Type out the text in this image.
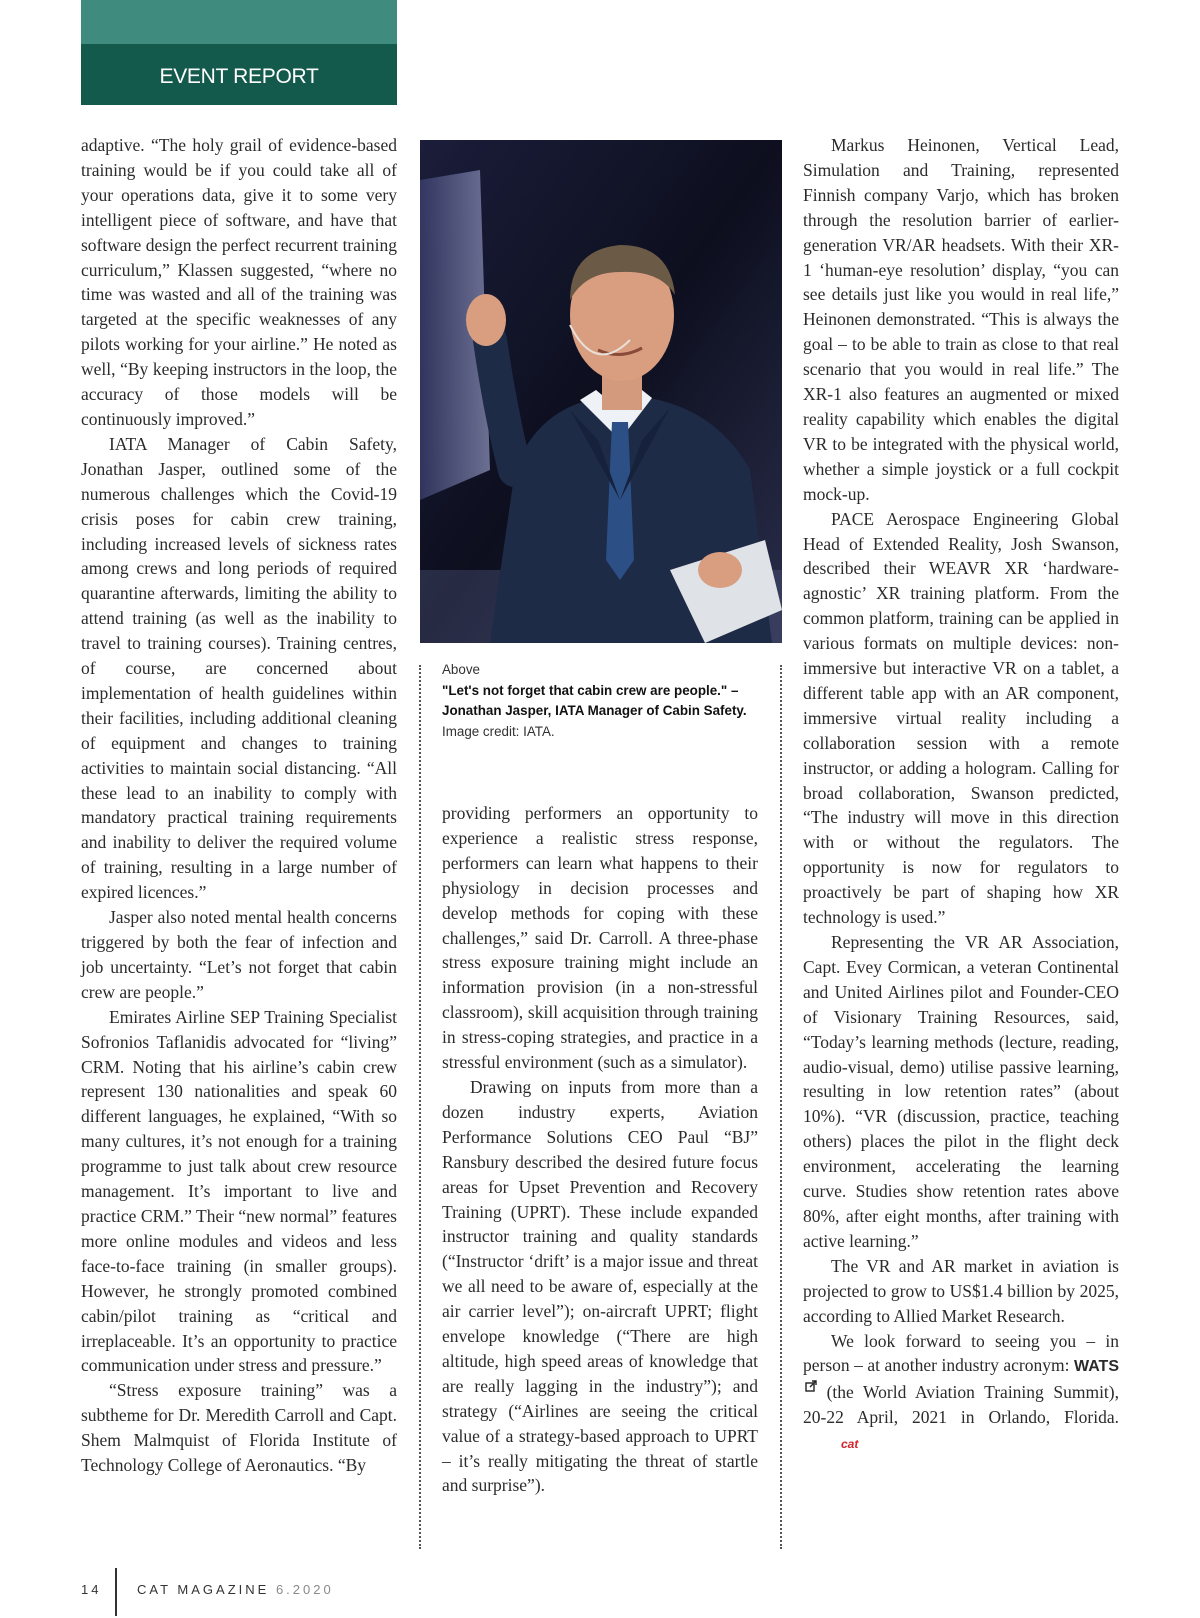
EVENT REPORT

adaptive. “The holy grail of evidence-based training would be if you could take all of your operations data, give it to some very intelligent piece of software, and have that software design the perfect recurrent training curriculum,” Klassen suggested, “where no time was wasted and all of the training was targeted at the specific weaknesses of any pilots working for your airline.” He noted as well, “By keeping instructors in the loop, the accuracy of those models will be continuously improved.”

IATA Manager of Cabin Safety, Jonathan Jasper, outlined some of the numerous challenges which the Covid-19 crisis poses for cabin crew training, including increased levels of sickness rates among crews and long periods of required quarantine afterwards, limiting the ability to attend training (as well as the inability to travel to training courses). Training centres, of course, are concerned about implementation of health guidelines within their facilities, including additional cleaning of equipment and changes to training activities to maintain social distancing. “All these lead to an inability to comply with mandatory practical training requirements and inability to deliver the required volume of training, resulting in a large number of expired licences.”

Jasper also noted mental health concerns triggered by both the fear of infection and job uncertainty. “Let’s not forget that cabin crew are people.”

Emirates Airline SEP Training Specialist Sofronios Taflanidis advocated for “living” CRM. Noting that his airline’s cabin crew represent 130 nationalities and speak 60 different languages, he explained, “With so many cultures, it’s not enough for a training programme to just talk about crew resource management. It’s important to live and practice CRM.” Their “new normal” features more online modules and videos and less face-to-face training (in smaller groups). However, he strongly promoted combined cabin/pilot training as “critical and irreplaceable. It’s an opportunity to practice communication under stress and pressure.”

“Stress exposure training” was a subtheme for Dr. Meredith Carroll and Capt. Shem Malmquist of Florida Institute of Technology College of Aeronautics. “By

Above
"Let's not forget that cabin crew are people." – Jonathan Jasper, IATA Manager of Cabin Safety.
Image credit: IATA.

providing performers an opportunity to experience a realistic stress response, performers can learn what happens to their physiology in decision processes and develop methods for coping with these challenges,” said Dr. Carroll. A three-phase stress exposure training might include an information provision (in a non-stressful classroom), skill acquisition through training in stress-coping strategies, and practice in a stressful environment (such as a simulator).

Drawing on inputs from more than a dozen industry experts, Aviation Performance Solutions CEO Paul “BJ” Ransbury described the desired future focus areas for Upset Prevention and Recovery Training (UPRT). These include expanded instructor training and quality standards (“Instructor ‘drift’ is a major issue and threat we all need to be aware of, especially at the air carrier level”); on-aircraft UPRT; flight envelope knowledge (“There are high altitude, high speed areas of knowledge that are really lagging in the industry”); and strategy (“Airlines are seeing the critical value of a strategy-based approach to UPRT – it’s really mitigating the threat of startle and surprise”).

Markus Heinonen, Vertical Lead, Simulation and Training, represented Finnish company Varjo, which has broken through the resolution barrier of earlier-generation VR/AR headsets. With their XR-1 ‘human-eye resolution’ display, “you can see details just like you would in real life,” Heinonen demonstrated. “This is always the goal – to be able to train as close to that real scenario that you would in real life.” The XR-1 also features an augmented or mixed reality capability which enables the digital VR to be integrated with the physical world, whether a simple joystick or a full cockpit mock-up.

PACE Aerospace Engineering Global Head of Extended Reality, Josh Swanson, described their WEAVR XR ‘hardware-agnostic’ XR training platform. From the common platform, training can be applied in various formats on multiple devices: non-immersive but interactive VR on a tablet, a different table app with an AR component, immersive virtual reality including a collaboration session with a remote instructor, or adding a hologram. Calling for broad collaboration, Swanson predicted, “The industry will move in this direction with or without the regulators. The opportunity is now for regulators to proactively be part of shaping how XR technology is used.”

Representing the VR AR Association, Capt. Evey Cormican, a veteran Continental and United Airlines pilot and Founder-CEO of Visionary Training Resources, said, “Today’s learning methods (lecture, reading, audio-visual, demo) utilise passive learning, resulting in low retention rates” (about 10%). “VR (discussion, practice, teaching others) places the pilot in the flight deck environment, accelerating the learning curve. Studies show retention rates above 80%, after eight months, after training with active learning.”

The VR and AR market in aviation is projected to grow to US$1.4 billion by 2025, according to Allied Market Research.

We look forward to seeing you – in person – at another industry acronym: WATS (the World Aviation Training Summit), 20-22 April, 2021 in Orlando, Florida.cat

14	CAT MAGAZINE 6.2020
